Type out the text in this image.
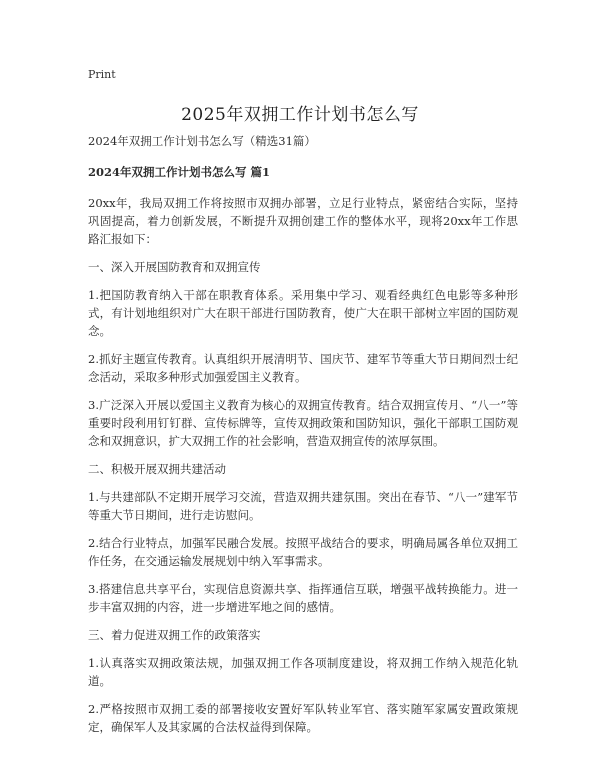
Print
2025年双拥工作计划书怎么写

2024年双拥工作计划书怎么写（精选31篇）

2024年双拥工作计划书怎么写 篇1

20xx年，我局双拥工作将按照市双拥办部署，立足行业特点，紧密结合实际，坚持巩固提高，着力创新发展，不断提升双拥创建工作的整体水平，现将20xx年工作思路汇报如下：

一、深入开展国防教育和双拥宣传

1.把国防教育纳入干部在职教育体系。采用集中学习、观看经典红色电影等多种形式，有计划地组织对广大在职干部进行国防教育，使广大在职干部树立牢固的国防观念。

2.抓好主题宣传教育。认真组织开展清明节、国庆节、建军节等重大节日期间烈士纪念活动，采取多种形式加强爱国主义教育。

3.广泛深入开展以爱国主义教育为核心的双拥宣传教育。结合双拥宣传月、“八一”等重要时段利用钉钉群、宣传标牌等，宣传双拥政策和国防知识，强化干部职工国防观念和双拥意识，扩大双拥工作的社会影响，营造双拥宣传的浓厚氛围。

二、积极开展双拥共建活动

1.与共建部队不定期开展学习交流，营造双拥共建氛围。突出在春节、“八一”建军节等重大节日期间，进行走访慰问。

2.结合行业特点，加强军民融合发展。按照平战结合的要求，明确局属各单位双拥工作任务，在交通运输发展规划中纳入军事需求。

3.搭建信息共享平台，实现信息资源共享、指挥通信互联，增强平战转换能力。进一步丰富双拥的内容，进一步增进军地之间的感情。

三、着力促进双拥工作的政策落实

1.认真落实双拥政策法规，加强双拥工作各项制度建设，将双拥工作纳入规范化轨道。

2.严格按照市双拥工委的部署接收安置好军队转业军官、落实随军家属安置政策规定，确保军人及其家属的合法权益得到保障。
